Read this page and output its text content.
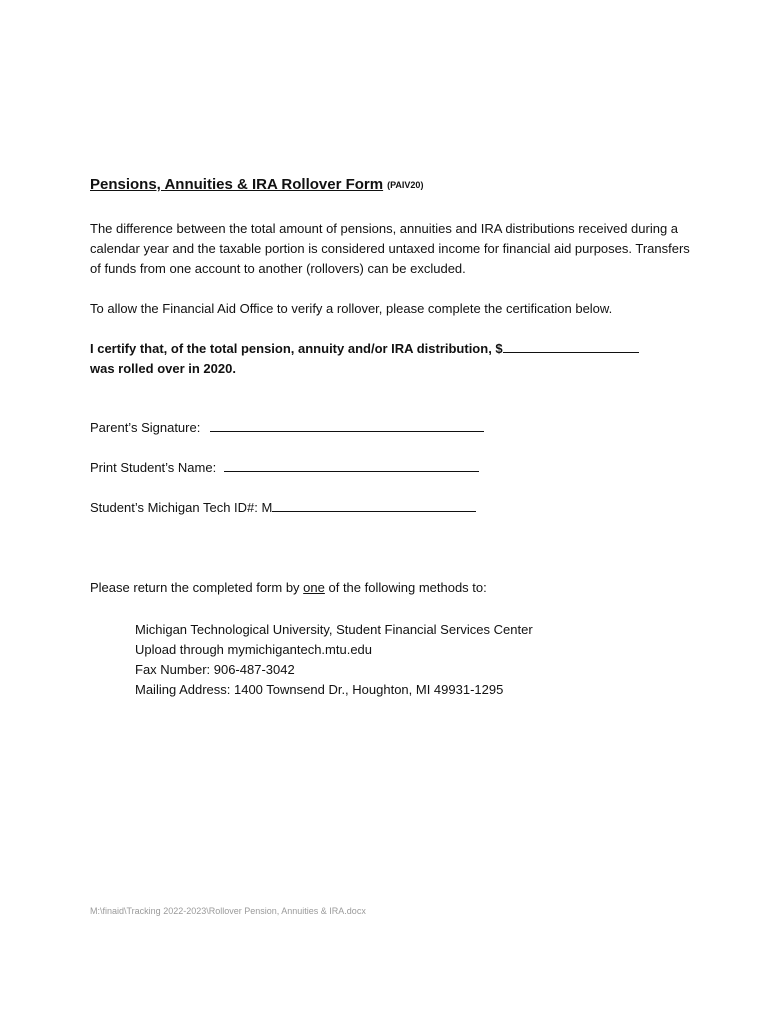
Pensions, Annuities & IRA Rollover Form (PAIV20)
The difference between the total amount of pensions, annuities and IRA distributions received during a calendar year and the taxable portion is considered untaxed income for financial aid purposes. Transfers of funds from one account to another (rollovers) can be excluded.
To allow the Financial Aid Office to verify a rollover, please complete the certification below.
I certify that, of the total pension, annuity and/or IRA distribution, $
was rolled over in 2020.
Parent’s Signature:
Print Student’s Name:
Student’s Michigan Tech ID#: M
Please return the completed form by one of the following methods to:
Michigan Technological University, Student Financial Services Center
Upload through mymichigantech.mtu.edu
Fax Number: 906-487-3042
Mailing Address: 1400 Townsend Dr., Houghton, MI 49931-1295
M:\finaid\Tracking 2022-2023\Rollover Pension, Annuities & IRA.docx
